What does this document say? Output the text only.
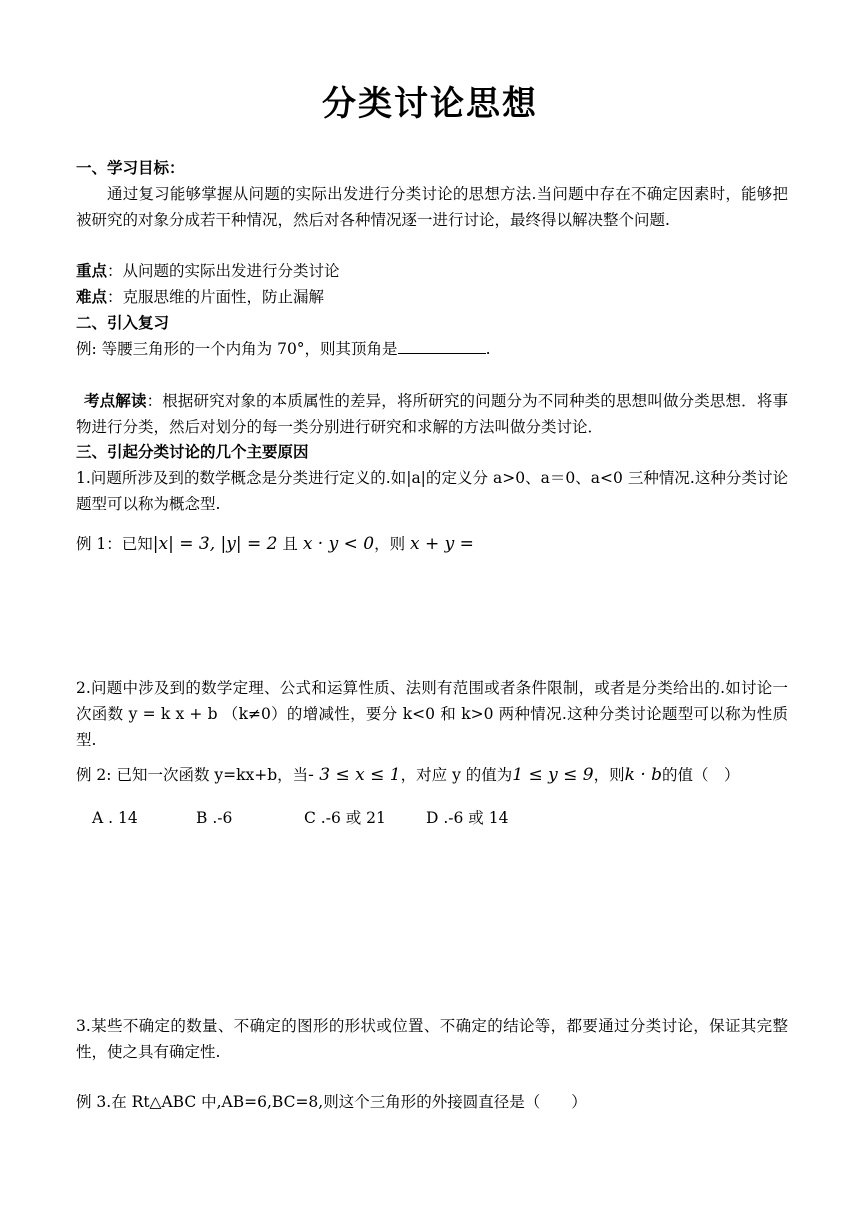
分类讨论思想
一、学习目标：
通过复习能够掌握从问题的实际出发进行分类讨论的思想方法.当问题中存在不确定因素时，能够把被研究的对象分成若干种情况，然后对各种情况逐一进行讨论，最终得以解决整个问题.
重点：从问题的实际出发进行分类讨论
难点：克服思维的片面性，防止漏解
二、引入复习
例: 等腰三角形的一个内角为 70°，则其顶角是	.
考点解读：根据研究对象的本质属性的差异，将所研究的问题分为不同种类的思想叫做分类思想．将事物进行分类，然后对划分的每一类分别进行研究和求解的方法叫做分类讨论．
三、引起分类讨论的几个主要原因
1.问题所涉及到的数学概念是分类进行定义的.如|a|的定义分 a>0、a＝0、a<0 三种情况.这种分类讨论题型可以称为概念型.
例 1：已知|x| = 3, |y| = 2 且 x · y < 0，则 x + y =
2.问题中涉及到的数学定理、公式和运算性质、法则有范围或者条件限制，或者是分类给出的.如讨论一次函数 y = k x + b （k≠0）的增减性，要分 k<0 和 k>0 两种情况.这种分类讨论题型可以称为性质型.
例 2: 已知一次函数 y=kx+b，当- 3 ≤ x ≤ 1，对应 y 的值为1 ≤ y ≤ 9，则k · b的值（　）
A . 14	B .-6	C .-6 或 21	D .-6 或 14
3.某些不确定的数量、不确定的图形的形状或位置、不确定的结论等，都要通过分类讨论，保证其完整性，使之具有确定性.
例 3.在 Rt△ABC 中,AB=6,BC=8,则这个三角形的外接圆直径是（　　）
